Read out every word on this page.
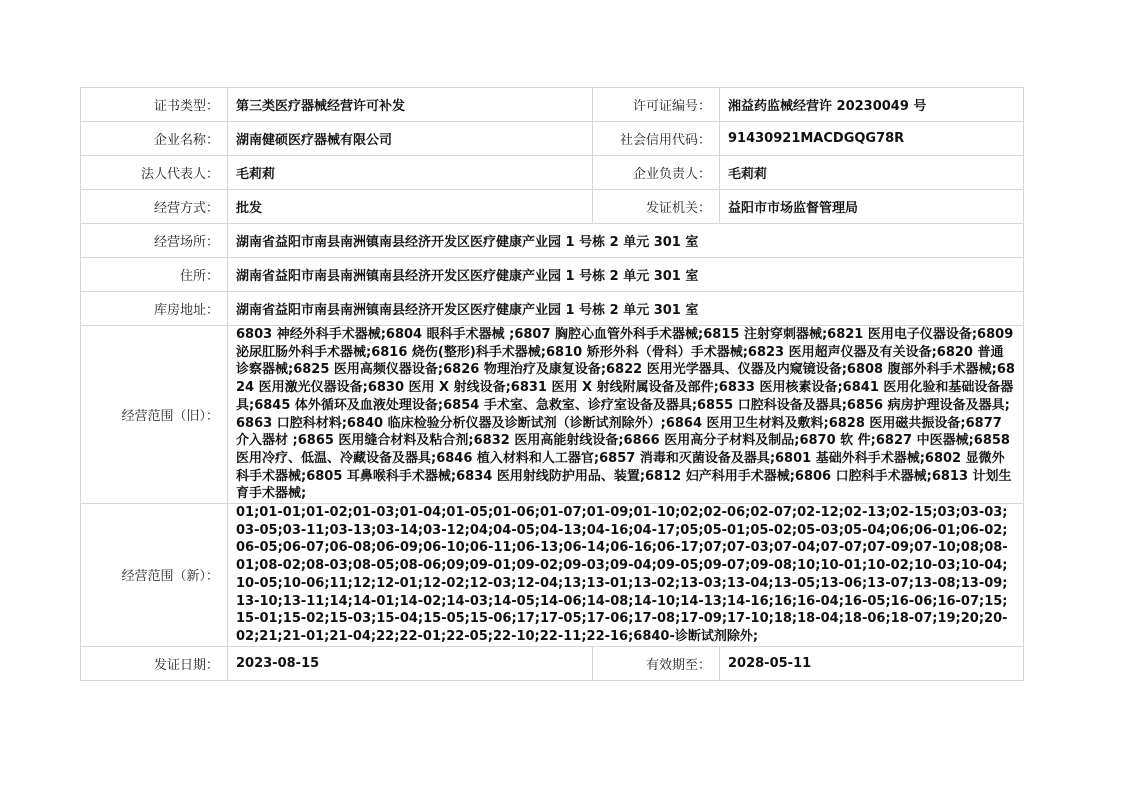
证书类型：	第三类医疗器械经营许可补发	许可证编号：	湘益药监械经营许 20230049 号
企业名称：	湖南健硕医疗器械有限公司	社会信用代码：	91430921MACDGQG78R
法人代表人：	毛莉莉	企业负责人：	毛莉莉
经营方式：	批发	发证机关：	益阳市市场监督管理局
经营场所：	湖南省益阳市南县南洲镇南县经济开发区医疗健康产业园 1 号栋 2 单元 301 室		
住所：	湖南省益阳市南县南洲镇南县经济开发区医疗健康产业园 1 号栋 2 单元 301 室		
库房地址：	湖南省益阳市南县南洲镇南县经济开发区医疗健康产业园 1 号栋 2 单元 301 室		
经营范围（旧）：	6803 神经外科手术器械;6804 眼科手术器械 ;6807 胸腔心血管外科手术器械;6815 注射穿刺器械;6821 医用电子仪器设备;6809 泌尿肛肠外科手术器械;6816 烧伤(整形)科手术器械;6810 矫形外科（骨科）手术器械;6823 医用超声仪器及有关设备;6820 普通诊察器械;6825 医用高频仪器设备;6826 物理治疗及康复设备;6822 医用光学器具、仪器及内窥镜设备;6808 腹部外科手术器械;6824 医用激光仪器设备;6830 医用 X 射线设备;6831 医用 X 射线附属设备及部件;6833 医用核素设备;6841 医用化验和基础设备器具;6845 体外循环及血液处理设备;6854 手术室、急救室、诊疗室设备及器具;6855 口腔科设备及器具;6856 病房护理设备及器具;6863 口腔科材料;6840 临床检验分析仪器及诊断试剂（诊断试剂除外）;6864 医用卫生材料及敷料;6828 医用磁共振设备;6877 介入器材 ;6865 医用缝合材料及粘合剂;6832 医用高能射线设备;6866 医用高分子材料及制品;6870 软 件;6827 中医器械;6858 医用冷疗、低温、冷藏设备及器具;6846 植入材料和人工器官;6857 消毒和灭菌设备及器具;6801 基础外科手术器械;6802 显微外科手术器械;6805 耳鼻喉科手术器械;6834 医用射线防护用品、装置;6812 妇产科用手术器械;6806 口腔科手术器械;6813 计划生育手术器械;		
经营范围（新）：	01;01-01;01-02;01-03;01-04;01-05;01-06;01-07;01-09;01-10;02;02-06;02-07;02-12;02-13;02-15;03;03-03;03-05;03-11;03-13;03-14;03-12;04;04-05;04-13;04-16;04-17;05;05-01;05-02;05-03;05-04;06;06-01;06-02;06-05;06-07;06-08;06-09;06-10;06-11;06-13;06-14;06-16;06-17;07;07-03;07-04;07-07;07-09;07-10;08;08-01;08-02;08-03;08-05;08-06;09;09-01;09-02;09-03;09-04;09-05;09-07;09-08;10;10-01;10-02;10-03;10-04;10-05;10-06;11;12;12-01;12-02;12-03;12-04;13;13-01;13-02;13-03;13-04;13-05;13-06;13-07;13-08;13-09;13-10;13-11;14;14-01;14-02;14-03;14-05;14-06;14-08;14-10;14-13;14-16;16;16-04;16-05;16-06;16-07;15;15-01;15-02;15-03;15-04;15-05;15-06;17;17-05;17-06;17-08;17-09;17-10;18;18-04;18-06;18-07;19;20;20-02;21;21-01;21-04;22;22-01;22-05;22-10;22-11;22-16;6840-诊断试剂除外;		
发证日期：	2023-08-15	有效期至：	2028-05-11
